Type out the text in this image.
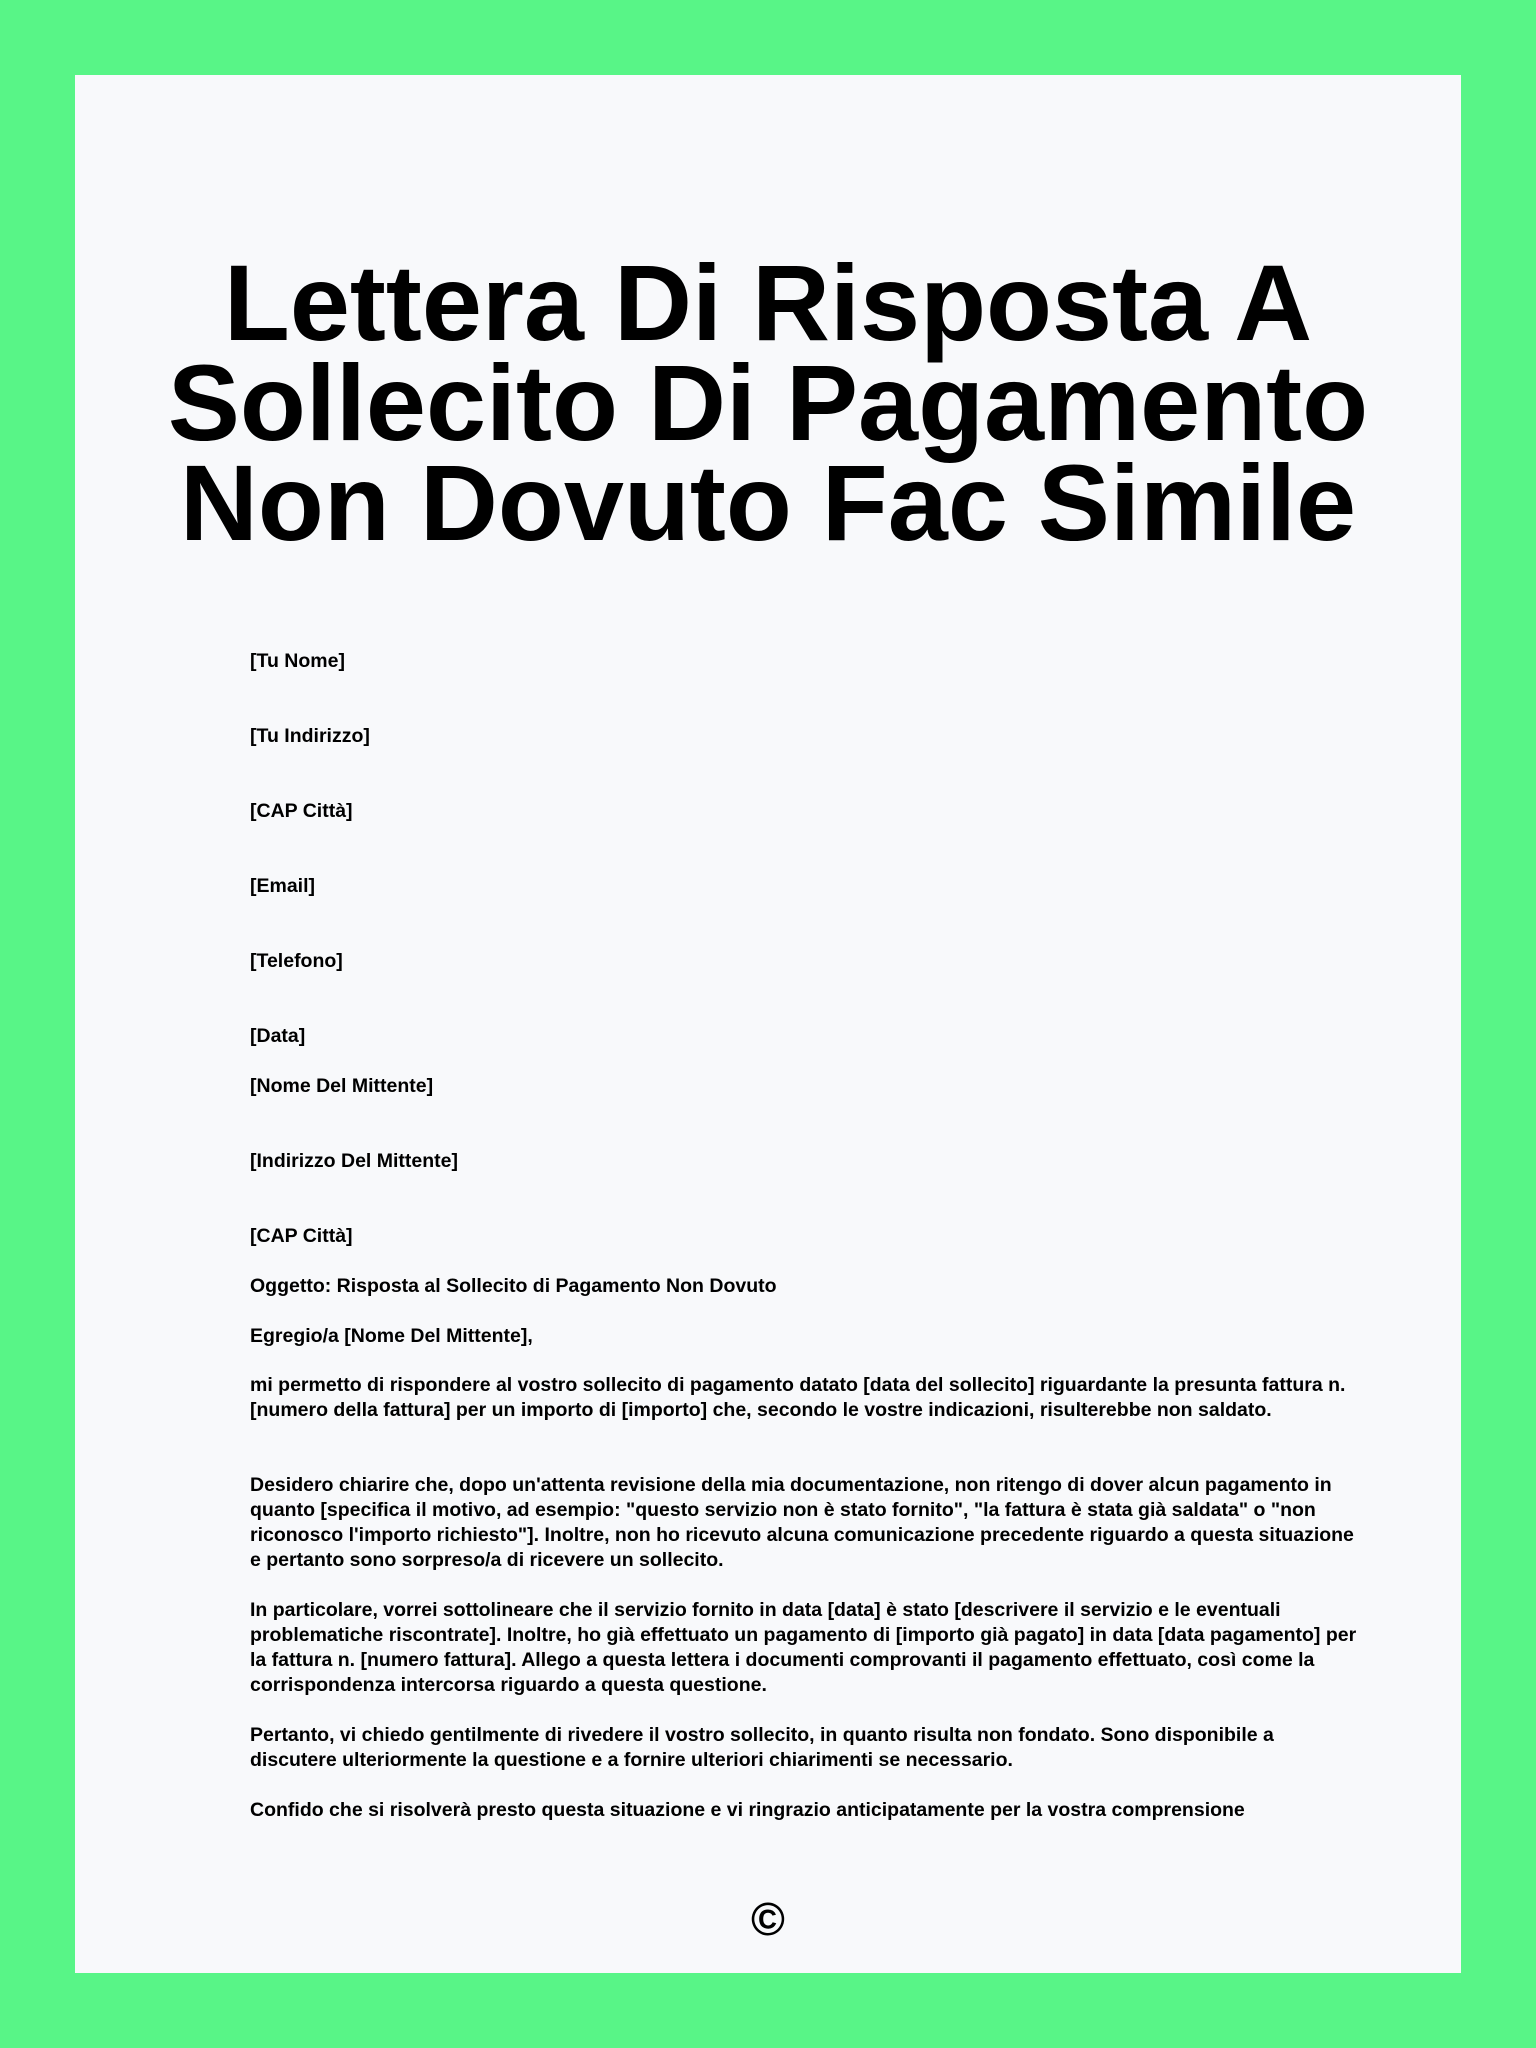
Lettera Di Risposta A Sollecito Di Pagamento Non Dovuto Fac Simile
[Tu Nome]
[Tu Indirizzo]
[CAP Città]
[Email]
[Telefono]
[Data]
[Nome Del Mittente]
[Indirizzo Del Mittente]
[CAP Città]
Oggetto: Risposta al Sollecito di Pagamento Non Dovuto
Egregio/a [Nome Del Mittente],
mi permetto di rispondere al vostro sollecito di pagamento datato [data del sollecito] riguardante la presunta fattura n. [numero della fattura] per un importo di [importo] che, secondo le vostre indicazioni, risulterebbe non saldato.
Desidero chiarire che, dopo un'attenta revisione della mia documentazione, non ritengo di dover alcun pagamento in quanto [specifica il motivo, ad esempio: "questo servizio non è stato fornito", "la fattura è stata già saldata" o "non riconosco l'importo richiesto"]. Inoltre, non ho ricevuto alcuna comunicazione precedente riguardo a questa situazione e pertanto sono sorpreso/a di ricevere un sollecito.
In particolare, vorrei sottolineare che il servizio fornito in data [data] è stato [descrivere il servizio e le eventuali problematiche riscontrate]. Inoltre, ho già effettuato un pagamento di [importo già pagato] in data [data pagamento] per la fattura n. [numero fattura]. Allego a questa lettera i documenti comprovanti il pagamento effettuato, così come la corrispondenza intercorsa riguardo a questa questione.
Pertanto, vi chiedo gentilmente di rivedere il vostro sollecito, in quanto risulta non fondato. Sono disponibile a discutere ulteriormente la questione e a fornire ulteriori chiarimenti se necessario.
Confido che si risolverà presto questa situazione e vi ringrazio anticipatamente per la vostra comprensione
©
